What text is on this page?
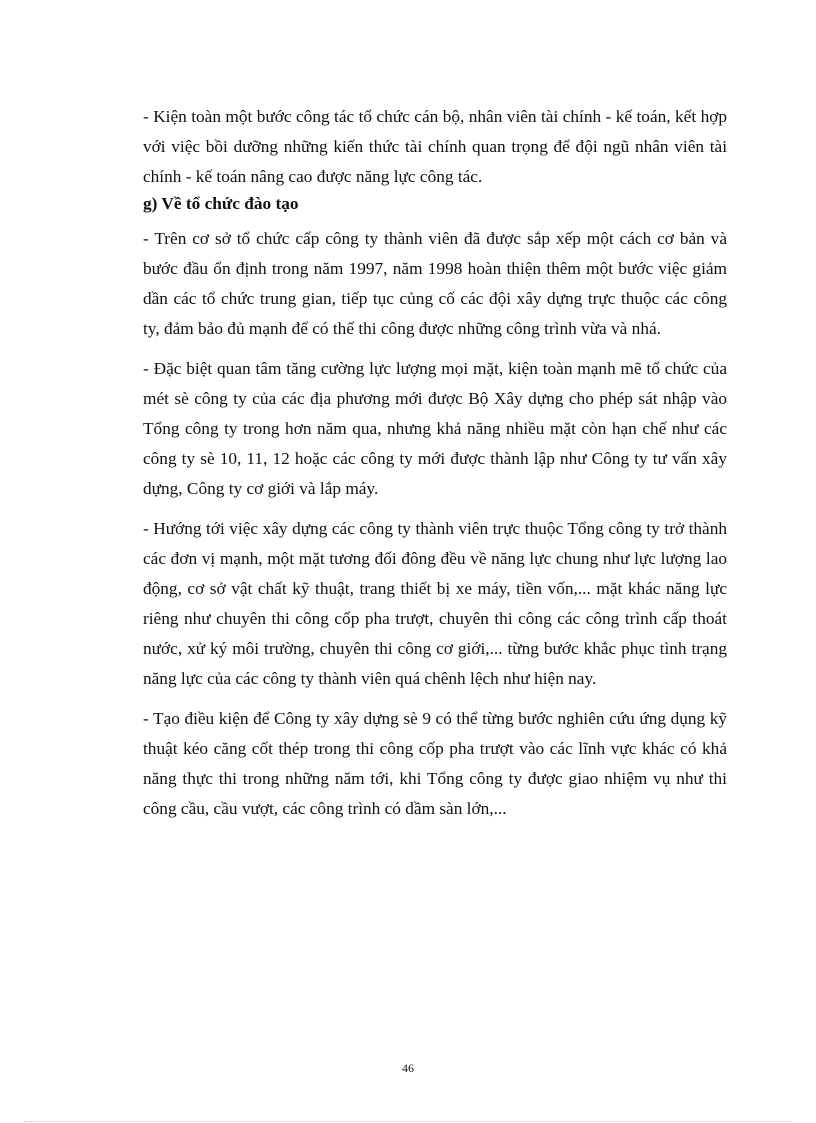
- Kiện toàn một bước công tác tổ chức cán bộ, nhân viên tài chính - kế toán, kết hợp với việc bồi dưỡng những kiến thức tài chính quan trọng để đội ngũ nhân viên tài chính - kế toán nâng cao được năng lực công tác.

g) Về tổ chức đào tạo

- Trên cơ sở tổ chức cấp công ty thành viên đã được sắp xếp một cách cơ bản và bước đầu ổn định trong năm 1997, năm 1998 hoàn thiện thêm một bước việc giảm dần các tổ chức trung gian, tiếp tục củng cố các đội xây dựng trực thuộc các công ty, đảm bảo đủ mạnh để có thể thi công được những công trình vừa và nhá.

- Đặc biệt quan tâm tăng cường lực lượng mọi mặt, kiện toàn mạnh mẽ tổ chức của mét sè công ty của các địa phương mới được Bộ Xây dựng cho phép sát nhập vào Tổng công ty trong hơn năm qua, nhưng khả năng nhiều mặt còn hạn chế như các công ty sè 10, 11, 12 hoặc các công ty mới được thành lập như Công ty tư vấn xây dựng, Công ty cơ giới và lắp máy.

- Hướng tới việc xây dựng các công ty thành viên trực thuộc Tổng công ty trở thành các đơn vị mạnh, một mặt tương đối đông đều về năng lực chung như lực lượng lao động, cơ sở vật chất kỹ thuật, trang thiết bị xe máy, tiền vốn,... mặt khác năng lực riêng như chuyên thi công cốp pha trượt, chuyên thi công các công trình cấp thoát nước, xử ký môi trường, chuyên thi công cơ giới,... từng bước khắc phục tình trạng năng lực của các công ty thành viên quá chênh lệch như hiện nay.

- Tạo điều kiện để Công ty xây dựng sè 9 có thể từng bước nghiên cứu ứng dụng kỹ thuật kéo căng cốt thép trong thi công cốp pha trượt vào các lĩnh vực khác có khả năng thực thi trong những năm tới, khi Tổng công ty được giao nhiệm vụ như thi công cầu, cầu vượt, các công trình có dầm sàn lớn,...

46
